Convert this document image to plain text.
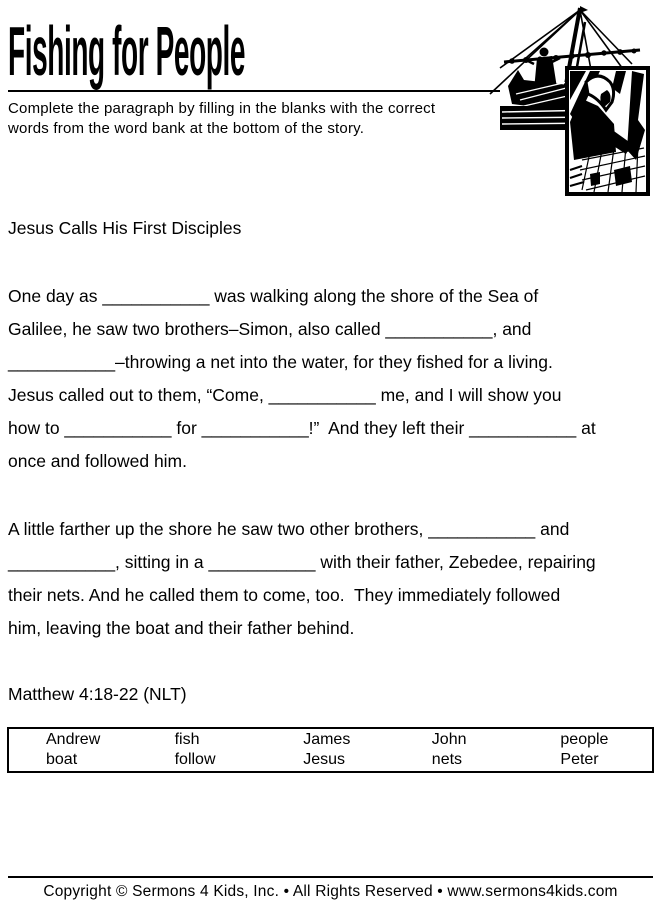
Fishing for People
Complete the paragraph by filling in the blanks with the correct
words from the word bank at the bottom of the story.
Jesus Calls His First Disciples
One day as ___________ was walking along the shore of the Sea of
Galilee, he saw two brothers–Simon, also called ___________, and
___________–throwing a net into the water, for they fished for a living.
Jesus called out to them, “Come, ___________ me, and I will show you
how to ___________ for ___________!”  And they left their ___________ at
once and followed him.
A little farther up the shore he saw two other brothers, ___________ and
___________, sitting in a ___________ with their father, Zebedee, repairing
their nets. And he called them to come, too.  They immediately followed
him, leaving the boat and their father behind.
Matthew 4:18-22 (NLT)
Andrew	fish	James	John	people
boat	follow	Jesus	nets	Peter
Copyright © Sermons 4 Kids, Inc. • All Rights Reserved • www.sermons4kids.com
